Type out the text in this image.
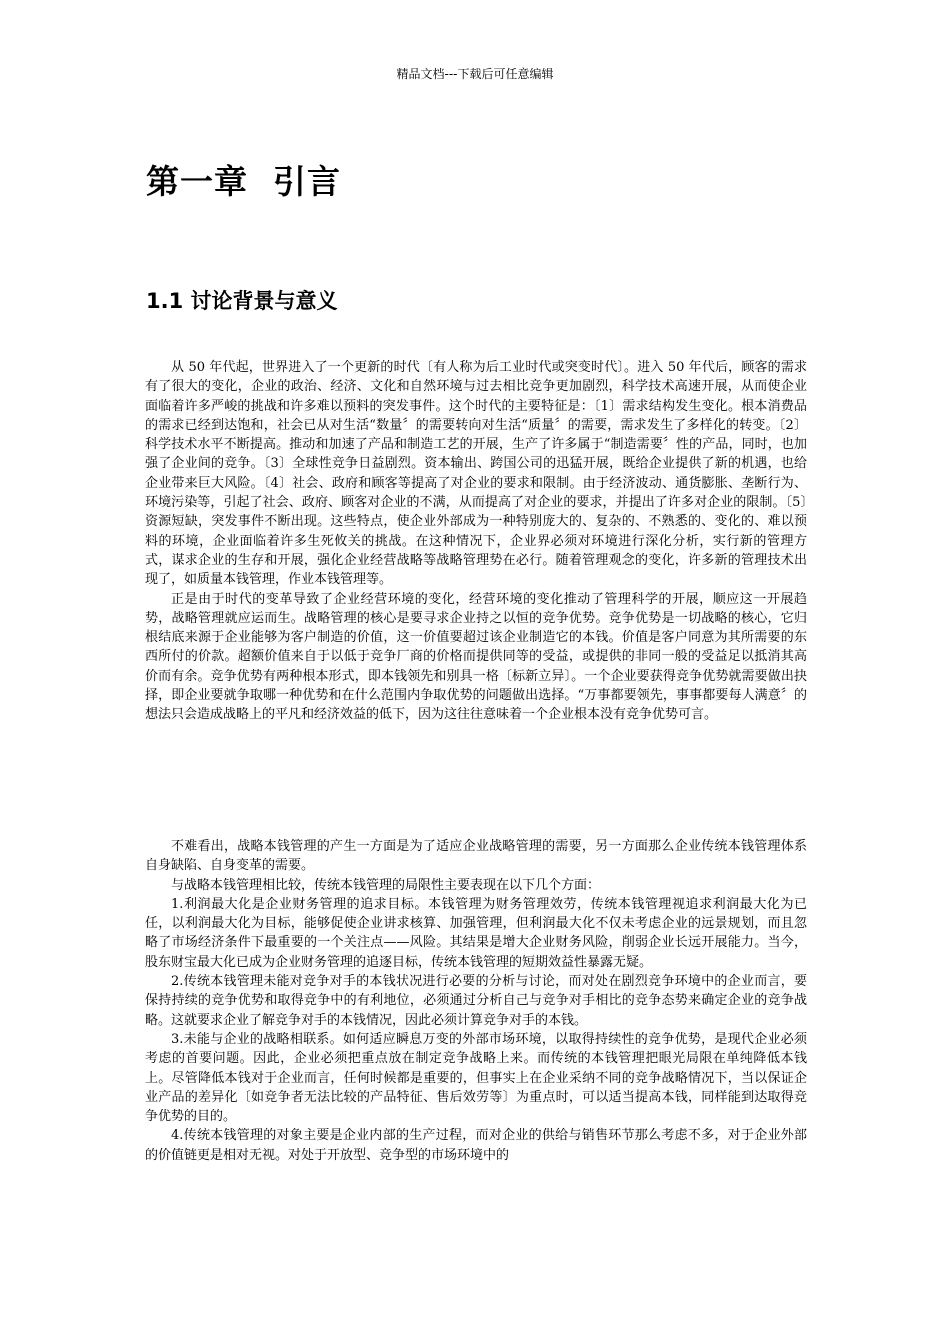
精品文档---下载后可任意编辑
第一章  引言
1.1 讨论背景与意义

从 50 年代起，世界进入了一个更新的时代〔有人称为后工业时代或突变时代〕。进入 50 年代后，顾客的需求有了很大的变化，企业的政治、经济、文化和自然环境与过去相比竞争更加剧烈，科学技术高速开展，从而使企业面临着许多严峻的挑战和许多难以预料的突发事件。这个时代的主要特征是：〔1〕需求结构发生变化。根本消费品的需求已经到达饱和，社会已从对生活“数量〞的需要转向对生活“质量〞的需要，需求发生了多样化的转变。〔2〕科学技术水平不断提高。推动和加速了产品和制造工艺的开展，生产了许多属于“制造需要〞性的产品，同时，也加强了企业间的竞争。〔3〕全球性竞争日益剧烈。资本输出、跨国公司的迅猛开展，既给企业提供了新的机遇，也给企业带来巨大风险。〔4〕社会、政府和顾客等提高了对企业的要求和限制。由于经济波动、通货膨胀、垄断行为、环境污染等，引起了社会、政府、顾客对企业的不满，从而提高了对企业的要求，并提出了许多对企业的限制。〔5〕资源短缺，突发事件不断出现。这些特点，使企业外部成为一种特别庞大的、复杂的、不熟悉的、变化的、难以预料的环境，企业面临着许多生死攸关的挑战。在这种情况下，企业界必须对环境进行深化分析，实行新的管理方式，谋求企业的生存和开展，强化企业经营战略等战略管理势在必行。随着管理观念的变化，许多新的管理技术出现了，如质量本钱管理，作业本钱管理等。

正是由于时代的变革导致了企业经营环境的变化，经营环境的变化推动了管理科学的开展，顺应这一开展趋势，战略管理就应运而生。战略管理的核心是要寻求企业持之以恒的竞争优势。竞争优势是一切战略的核心，它归根结底来源于企业能够为客户制造的价值，这一价值要超过该企业制造它的本钱。价值是客户同意为其所需要的东西所付的价款。超额价值来自于以低于竞争厂商的价格而提供同等的受益，或提供的非同一般的受益足以抵消其高价而有余。竞争优势有两种根本形式，即本钱领先和别具一格〔标新立异〕。一个企业要获得竞争优势就需要做出抉择，即企业要就争取哪一种优势和在什么范围内争取优势的问题做出选择。“万事都要领先，事事都要每人满意〞的想法只会造成战略上的平凡和经济效益的低下，因为这往往意味着一个企业根本没有竞争优势可言。

不难看出，战略本钱管理的产生一方面是为了适应企业战略管理的需要，另一方面那么企业传统本钱管理体系自身缺陷、自身变革的需要。

与战略本钱管理相比较，传统本钱管理的局限性主要表现在以下几个方面：

1.利润最大化是企业财务管理的追求目标。本钱管理为财务管理效劳，传统本钱管理视追求利润最大化为已任，以利润最大化为目标，能够促使企业讲求核算、加强管理，但利润最大化不仅未考虑企业的远景规划，而且忽略了市场经济条件下最重要的一个关注点——风险。其结果是增大企业财务风险，削弱企业长远开展能力。当今，股东财宝最大化已成为企业财务管理的追逐目标，传统本钱管理的短期效益性暴露无疑。

2.传统本钱管理未能对竞争对手的本钱状况进行必要的分析与讨论，而对处在剧烈竞争环境中的企业而言，要保持持续的竞争优势和取得竞争中的有利地位，必须通过分析自己与竞争对手相比的竞争态势来确定企业的竞争战略。这就要求企业了解竞争对手的本钱情况，因此必须计算竞争对手的本钱。

3.未能与企业的战略相联系。如何适应瞬息万变的外部市场环境，以取得持续性的竞争优势，是现代企业必须考虑的首要问题。因此，企业必须把重点放在制定竞争战略上来。而传统的本钱管理把眼光局限在单纯降低本钱上。尽管降低本钱对于企业而言，任何时候都是重要的，但事实上在企业采纳不同的竞争战略情况下，当以保证企业产品的差异化〔如竞争者无法比较的产品特征、售后效劳等〕为重点时，可以适当提高本钱，同样能到达取得竞争优势的目的。

4.传统本钱管理的对象主要是企业内部的生产过程，而对企业的供给与销售环节那么考虑不多，对于企业外部的价值链更是相对无视。对处于开放型、竞争型的市场环境中的
